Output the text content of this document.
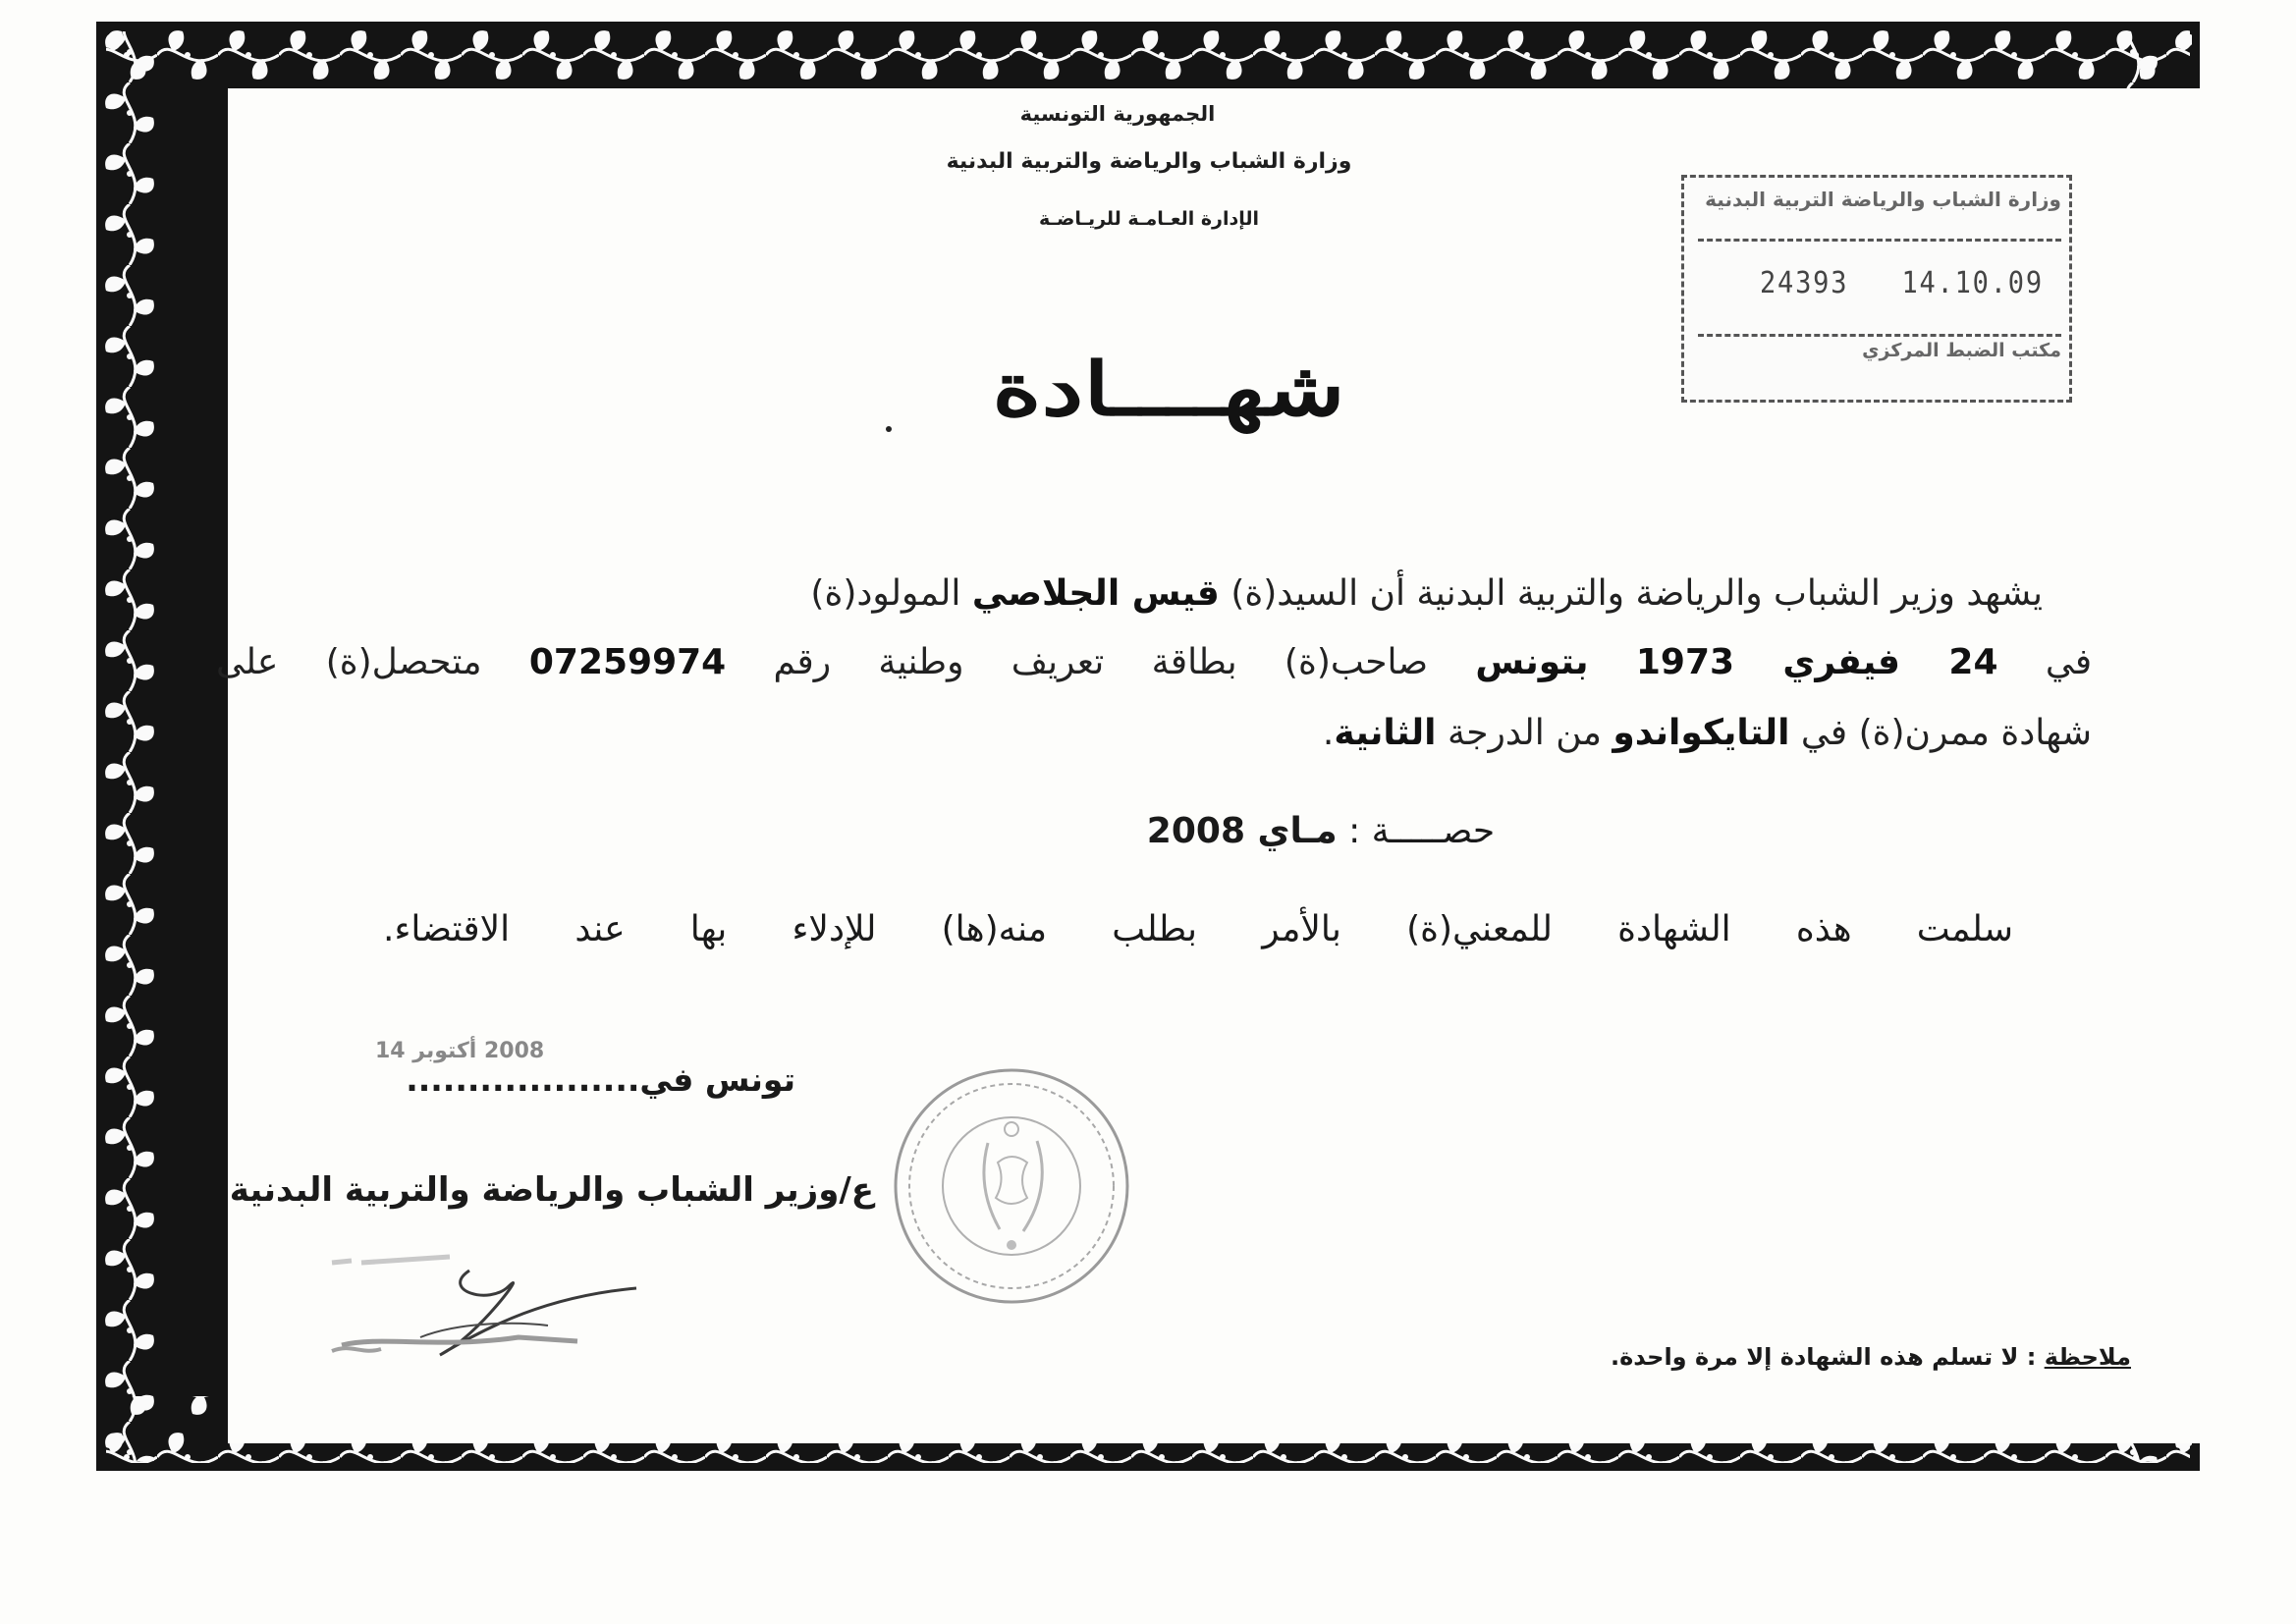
الجمهورية التونسية
وزارة الشباب والرياضة والتربية البدنية
الإدارة العـامـة للريـاضـة
وزارة الشباب والرياضة التربية البدنية
24393 14.10.09
مكتب الضبط المركزي
شهــــادة
يشهد وزير الشباب والرياضة والتربية البدنية أن السيد(ة) قيس الجلاصي المولود(ة)
في 24 فيفري 1973 بتونس صاحب(ة) بطاقة تعريف وطنية رقم 07259974 متحصل(ة) على
شهادة ممرن(ة) في التايكواندو من الدرجة الثانية.
حصـــــة : مـاي 2008
سلمت هذه الشهادة للمعني(ة) بالأمر بطلب منه(ها) للإدلاء بها عند الاقتضاء.
2008 أكتوبر 14
تونس في...................
ع/وزير الشباب والرياضة والتربية البدنية
ملاحظة : لا تسلم هذه الشهادة إلا مرة واحدة.
